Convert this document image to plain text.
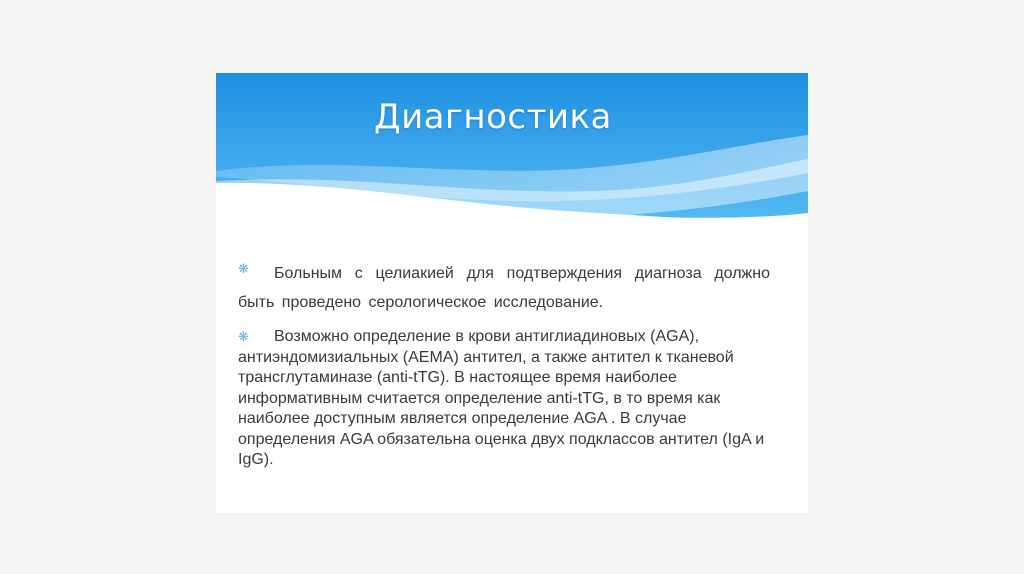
Диагностика
❋	Больным с целиакией для подтверждения диагноза должно быть проведено серологическое исследование.

❋	Возможно определение в крови антиглиадиновых (AGA), антиэндомизиальных (AEMA) антител, а также антител к тканевой трансглутаминазе (anti-tTG). В настоящее время наиболее информативным считается определение anti-tTG, в то время как наиболее доступным является определение AGA . В случае определения AGA обязательна оценка двух подклассов антител (IgA и IgG).
